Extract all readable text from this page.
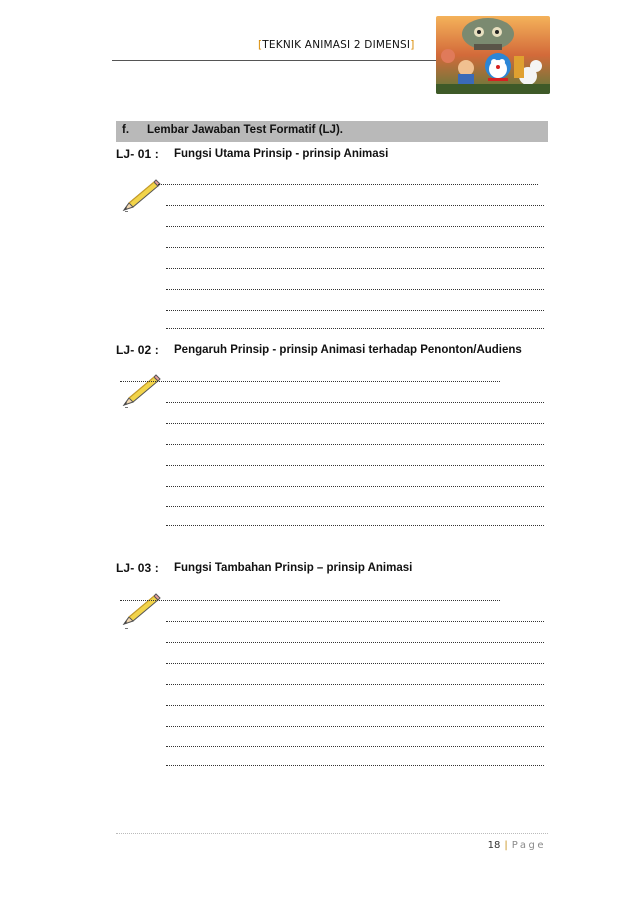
[TEKNIK ANIMASI 2 DIMENSI]
f. Lembar Jawaban Test Formatif (LJ).
LJ- 01 : Fungsi Utama Prinsip - prinsip Animasi
LJ- 02 : Pengaruh Prinsip - prinsip Animasi terhadap Penonton/Audiens
LJ- 03 : Fungsi Tambahan Prinsip – prinsip Animasi
18 | Page
